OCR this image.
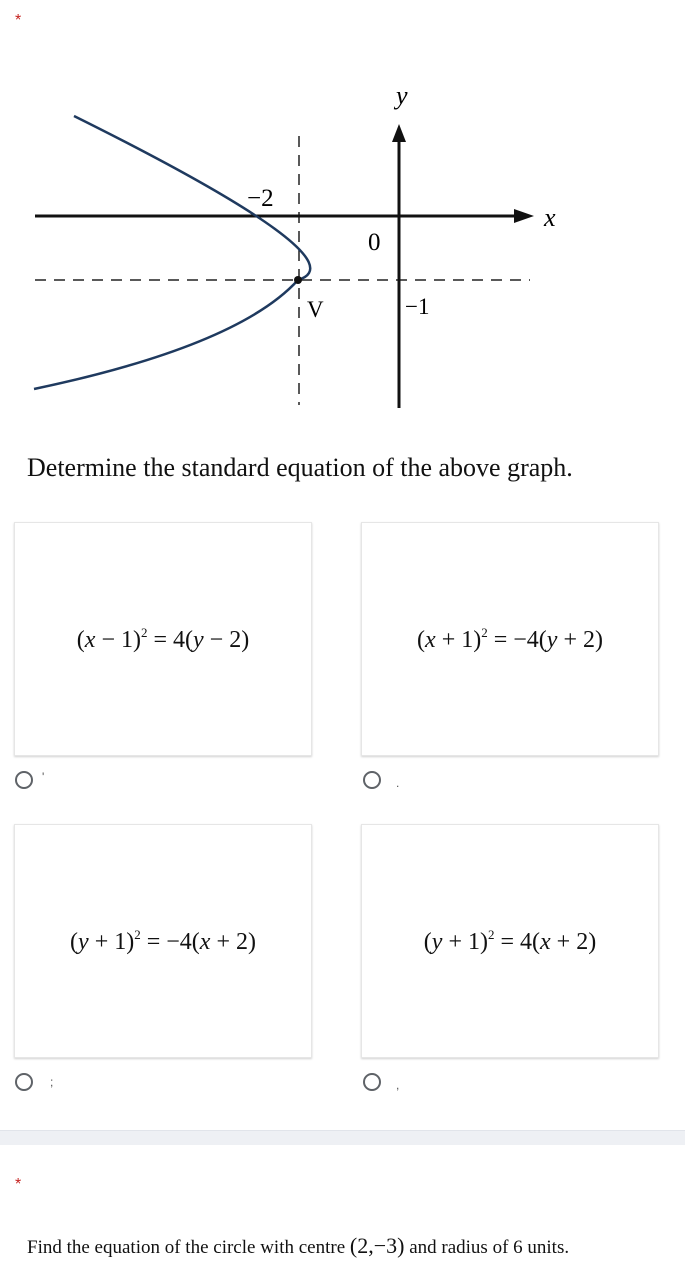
*
y
x
−2
0
−1
V
Determine the standard equation of the above graph.
$(x - 1)^2 = 4(y - 2)$
'
$(x + 1)^2 = -4(y + 2)$
.
$(y + 1)^2 = -4(x + 2)$
;
$(y + 1)^2 = 4(x + 2)$
,
*
Find the equation of the circle with centre (2,−3) and radius of 6 units.
